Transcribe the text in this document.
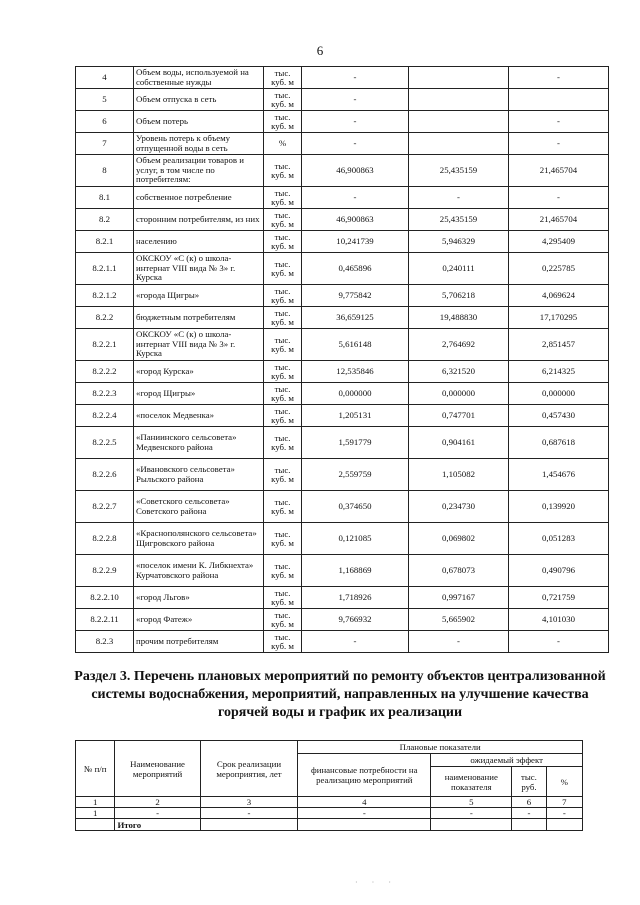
6
4	Объем воды, используемой на собственные нужды	тыс. куб. м	-		-
5	Объем отпуска в сеть	тыс. куб. м	-		
6	Объем потерь	тыс. куб. м	-		-
7	Уровень потерь к объему отпущенной воды в сеть	%	-		-
8	Объем реализации товаров и услуг, в том числе по потребителям:	тыс. куб. м	46,900863	25,435159	21,465704
8.1	собственное потребление	тыс. куб. м	-	-	-
8.2	сторонним потребителям, из них	тыс. куб. м	46,900863	25,435159	21,465704
8.2.1	населению	тыс. куб. м	10,241739	5,946329	4,295409
8.2.1.1	ОКСКОУ «С (к) о школа-интернат VIII вида № 3» г. Курска	тыс. куб. м	0,465896	0,240111	0,225785
8.2.1.2	«города Щигры»	тыс. куб. м	9,775842	5,706218	4,069624
8.2.2	бюджетным потребителям	тыс. куб. м	36,659125	19,488830	17,170295
8.2.2.1	ОКСКОУ «С (к) о школа-интернат VIII вида № 3» г. Курска	тыс. куб. м	5,616148	2,764692	2,851457
8.2.2.2	«город Курска»	тыс. куб. м	12,535846	6,321520	6,214325
8.2.2.3	«город Щигры»	тыс. куб. м	0,000000	0,000000	0,000000
8.2.2.4	«поселок Медвенка»	тыс. куб. м	1,205131	0,747701	0,457430
8.2.2.5	«Паниинского сельсовета» Медвенского района	тыс. куб. м	1,591779	0,904161	0,687618
8.2.2.6	«Ивановского сельсовета» Рыльского района	тыс. куб. м	2,559759	1,105082	1,454676
8.2.2.7	«Советского сельсовета» Советского района	тыс. куб. м	0,374650	0,234730	0,139920
8.2.2.8	«Краснополянского сельсовета» Щигровского района	тыс. куб. м	0,121085	0,069802	0,051283
8.2.2.9	«поселок имени К. Либкнехта» Курчатовского района	тыс. куб. м	1,168869	0,678073	0,490796
8.2.2.10	«город Льгов»	тыс. куб. м	1,718926	0,997167	0,721759
8.2.2.11	«город Фатеж»	тыс. куб. м	9,766932	5,665902	4,101030
8.2.3	прочим потребителям	тыс. куб. м	-	-	-
Раздел 3. Перечень плановых мероприятий по ремонту объектов централизованной системы водоснабжения, мероприятий, направленных на улучшение качества горячей воды и график их реализации
№ п/п	Наименование мероприятий	Срок реализации мероприятия, лет	Плановые показатели			
			финансовые потребности на реализацию мероприятий	ожидаемый эффект		
				наименование показателя	тыс. руб.	%
1	2	3	4	5	6	7
1	-	-	-	-	-	-
	Итого					
· · ·
